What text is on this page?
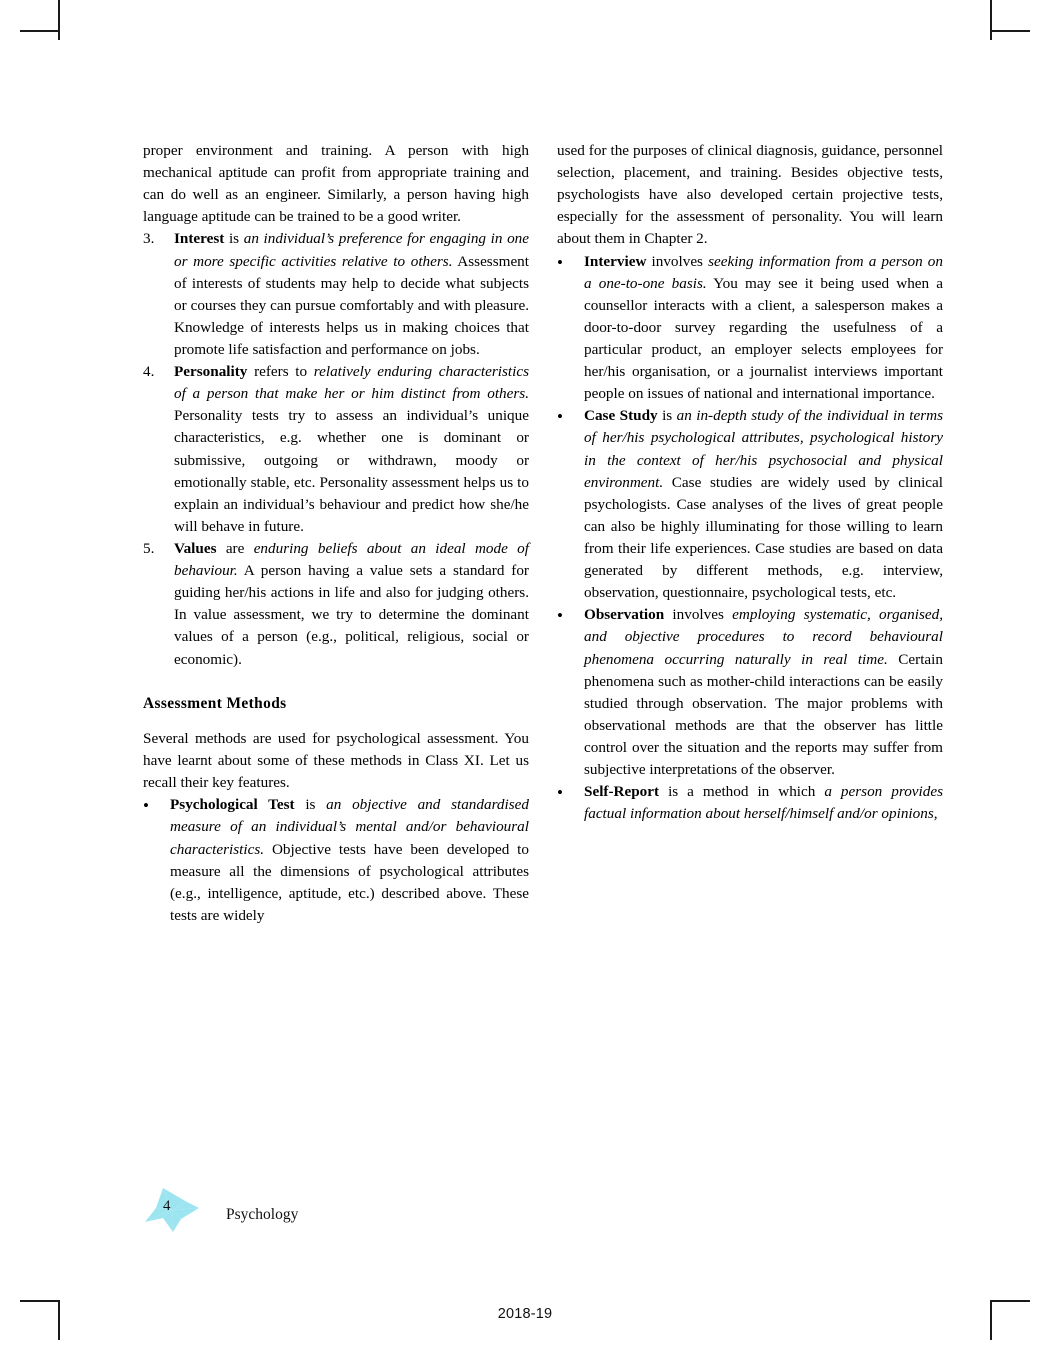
proper environment and training. A person with high mechanical aptitude can profit from appropriate training and can do well as an engineer. Similarly, a person having high language aptitude can be trained to be a good writer.

3.	Interest is an individual’s preference for engaging in one or more specific activities relative to others. Assessment of interests of students may help to decide what subjects or courses they can pursue comfortably and with pleasure. Knowledge of interests helps us in making choices that promote life satisfaction and performance on jobs.
4.	Personality refers to relatively enduring characteristics of a person that make her or him distinct from others. Personality tests try to assess an individual’s unique characteristics, e.g. whether one is dominant or submissive, outgoing or withdrawn, moody or emotionally stable, etc. Personality assessment helps us to explain an individual’s behaviour and predict how she/he will behave in future.
5.	Values are enduring beliefs about an ideal mode of behaviour. A person having a value sets a standard for guiding her/his actions in life and also for judging others. In value assessment, we try to determine the dominant values of a person (e.g., political, religious, social or economic).
Assessment Methods

Several methods are used for psychological assessment. You have learnt about some of these methods in Class XI. Let us recall their key features.

•	Psychological Test is an objective and standardised measure of an individual’s mental and/or behavioural characteristics. Objective tests have been developed to measure all the dimensions of psychological attributes (e.g., intelligence, aptitude, etc.) described above. These tests are widely

used for the purposes of clinical diagnosis, guidance, personnel selection, placement, and training. Besides objective tests, psychologists have also developed certain projective tests, especially for the assessment of personality. You will learn about them in Chapter 2.

•	Interview involves seeking information from a person on a one-to-one basis. You may see it being used when a counsellor interacts with a client, a salesperson makes a door-to-door survey regarding the usefulness of a particular product, an employer selects employees for her/his organisation, or a journalist interviews important people on issues of national and international importance.
•	Case Study is an in-depth study of the individual in terms of her/his psychological attributes, psychological history in the context of her/his psychosocial and physical environment. Case studies are widely used by clinical psychologists. Case analyses of the lives of great people can also be highly illuminating for those willing to learn from their life experiences. Case studies are based on data generated by different methods, e.g. interview, observation, questionnaire, psychological tests, etc.
•	Observation involves employing systematic, organised, and objective procedures to record behavioural phenomena occurring naturally in real time. Certain phenomena such as mother-child interactions can be easily studied through observation. The major problems with observational methods are that the observer has little control over the situation and the reports may suffer from subjective interpretations of the observer.
•	Self-Report is a method in which a person provides factual information about herself/himself and/or opinions,
4	Psychology
2018-19
